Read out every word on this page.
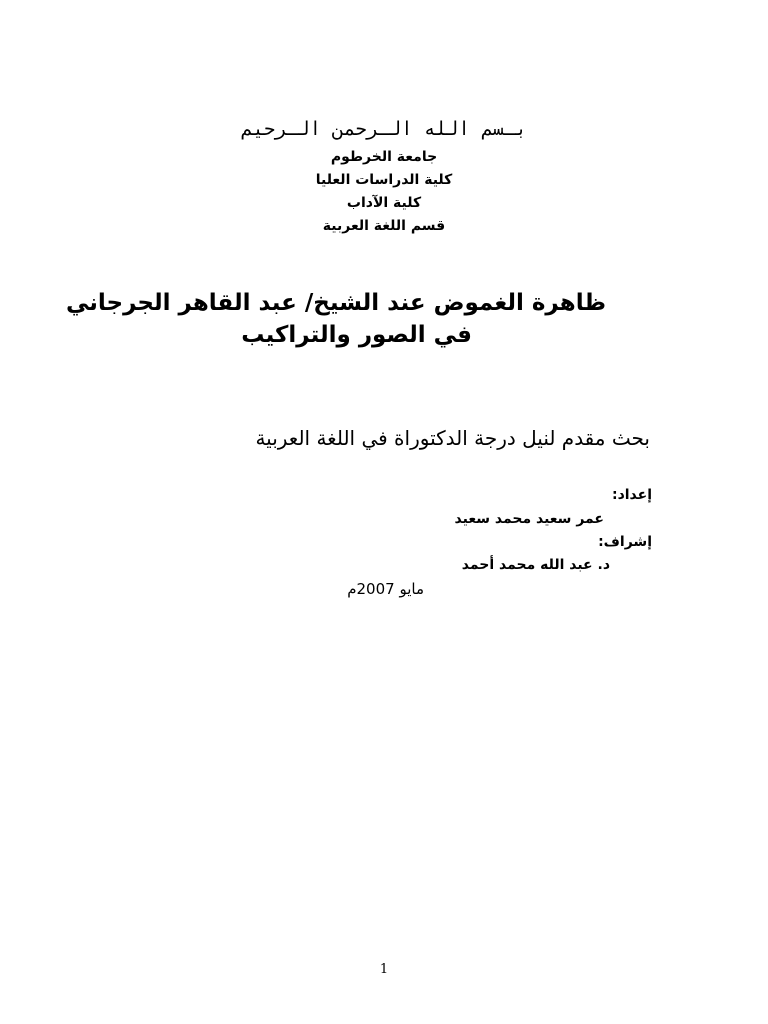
بـسم الله الـرحمن الـرحيم
جامعة الخرطوم
كلية الدراسات العليا
كلية الآداب
قسم اللغة العربية
ظاهرة الغموض عند الشيخ/ عبد القاهر الجرجاني
في الصور والتراكيب
بحث مقدم لنيل درجة الدكتوراة في اللغة العربية
إعداد:
عمر سعيد محمد سعيد
إشراف:
د. عبد الله محمد أحمد
مايو 2007م
1
